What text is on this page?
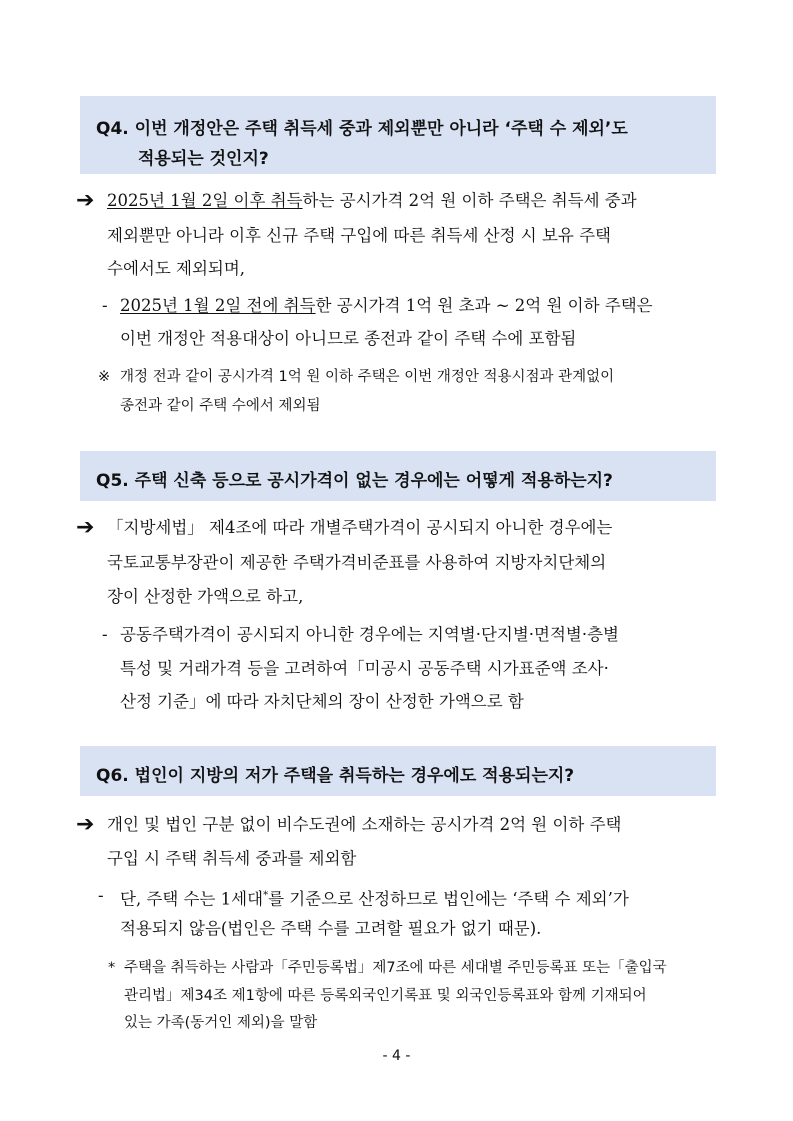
Q4. 이번 개정안은 주택 취득세 중과 제외뿐만 아니라 ‘주택 수 제외’도
적용되는 것인지?
➔ 2025년 1월 2일 이후 취득하는 공시가격 2억 원 이하 주택은 취득세 중과
제외뿐만 아니라 이후 신규 주택 구입에 따른 취득세 산정 시 보유 주택
수에서도 제외되며,
- 2025년 1월 2일 전에 취득한 공시가격 1억 원 초과 ~ 2억 원 이하 주택은
이번 개정안 적용대상이 아니므로 종전과 같이 주택 수에 포함됨
※ 개정 전과 같이 공시가격 1억 원 이하 주택은 이번 개정안 적용시점과 관계없이
종전과 같이 주택 수에서 제외됨
Q5. 주택 신축 등으로 공시가격이 없는 경우에는 어떻게 적용하는지?
➔ 「지방세법」 제4조에 따라 개별주택가격이 공시되지 아니한 경우에는
국토교통부장관이 제공한 주택가격비준표를 사용하여 지방자치단체의
장이 산정한 가액으로 하고,
- 공동주택가격이 공시되지 아니한 경우에는 지역별·단지별·면적별·층별
특성 및 거래가격 등을 고려하여「미공시 공동주택 시가표준액 조사·
산정 기준」에 따라 자치단체의 장이 산정한 가액으로 함
Q6. 법인이 지방의 저가 주택을 취득하는 경우에도 적용되는지?
➔ 개인 및 법인 구분 없이 비수도권에 소재하는 공시가격 2억 원 이하 주택
구입 시 주택 취득세 중과를 제외함
- 단, 주택 수는 1세대*를 기준으로 산정하므로 법인에는 ‘주택 수 제외’가
적용되지 않음(법인은 주택 수를 고려할 필요가 없기 때문).
* 주택을 취득하는 사람과「주민등록법」제7조에 따른 세대별 주민등록표 또는「출입국
관리법」제34조 제1항에 따른 등록외국인기록표 및 외국인등록표와 함께 기재되어
있는 가족(동거인 제외)을 말함
- 4 -
